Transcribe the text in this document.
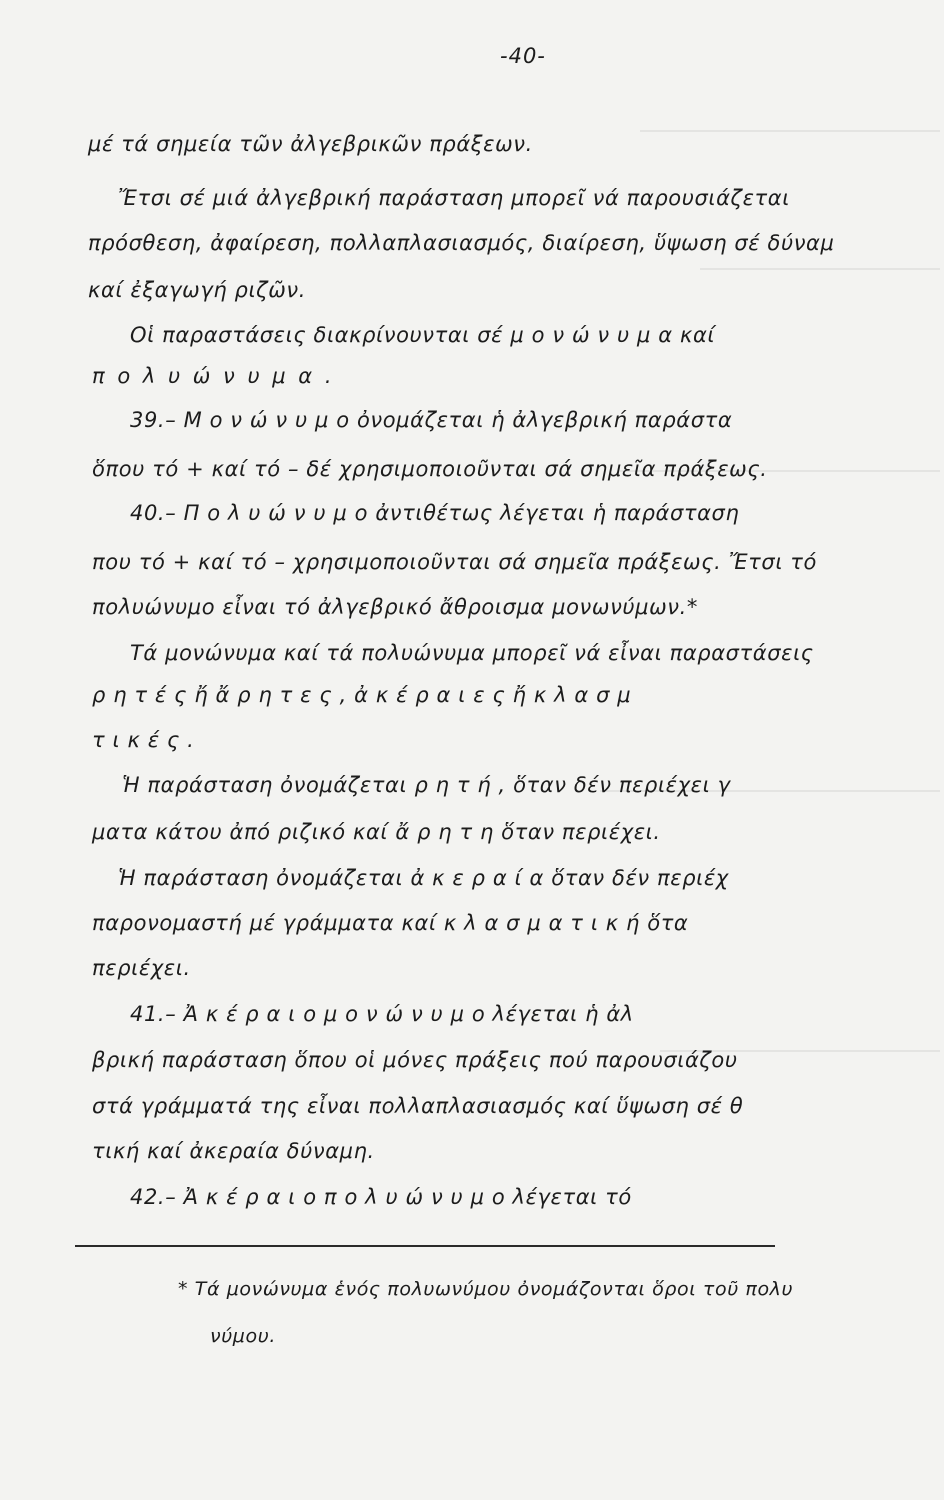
-40-
μέ τά σημεία τῶν ἀλγεβρικῶν πράξεων.
Ἔτσι σέ μιά ἀλγεβρική παράσταση μπορεῖ νά παρουσιάζεται
πρόσθεση, ἀφαίρεση, πολλαπλασιασμός, διαίρεση, ὕψωση σέ δύναμ
καί ἐξαγωγή ριζῶν.
Οἱ παραστάσεις διακρίνουνται σέ μ ο ν ώ ν υ μ α καί
π ο λ υ ώ ν υ μ α .
39.– Μ ο ν ώ ν υ μ ο ὀνομάζεται ἡ ἀλγεβρική παράστα
ὅπου τό + καί τό – δέ χρησιμοποιοῦνται σά σημεῖα πράξεως.
40.– Π ο λ υ ώ ν υ μ ο ἀντιθέτως λέγεται ἡ παράσταση
που τό + καί τό – χρησιμοποιοῦνται σά σημεῖα πράξεως. Ἔτσι τό
πολυώνυμο εἶναι τό ἀλγεβρικό ἄθροισμα μονωνύμων.*
Τά μονώνυμα καί τά πολυώνυμα μπορεῖ νά εἶναι παραστάσεις
ρ η τ έ ς ἤ ἄ ρ η τ ε ς , ἀ κ έ ρ α ι ε ς ἤ κ λ α σ μ
τ ι κ έ ς .
Ἡ παράσταση ὀνομάζεται ρ η τ ή , ὅταν δέν περιέχει γ
ματα κάτου ἀπό ριζικό καί ἄ ρ η τ η ὅταν περιέχει.
Ἡ παράσταση ὀνομάζεται ἀ κ ε ρ α ί α ὅταν δέν περιέχ
παρονομαστή μέ γράμματα καί κ λ α σ μ α τ ι κ ή ὅτα
περιέχει.
41.– Ἀ κ έ ρ α ι ο μ ο ν ώ ν υ μ ο λέγεται ἡ ἀλ
βρική παράσταση ὅπου οἱ μόνες πράξεις πού παρουσιάζου
στά γράμματά της εἶναι πολλαπλασιασμός καί ὕψωση σέ θ
τική καί ἀκεραία δύναμη.
42.– Ἀ κ έ ρ α ι ο π ο λ υ ώ ν υ μ ο λέγεται τό
* Τά μονώνυμα ἑνός πολυωνύμου ὀνομάζονται ὅροι τοῦ πολυ
νύμου.
